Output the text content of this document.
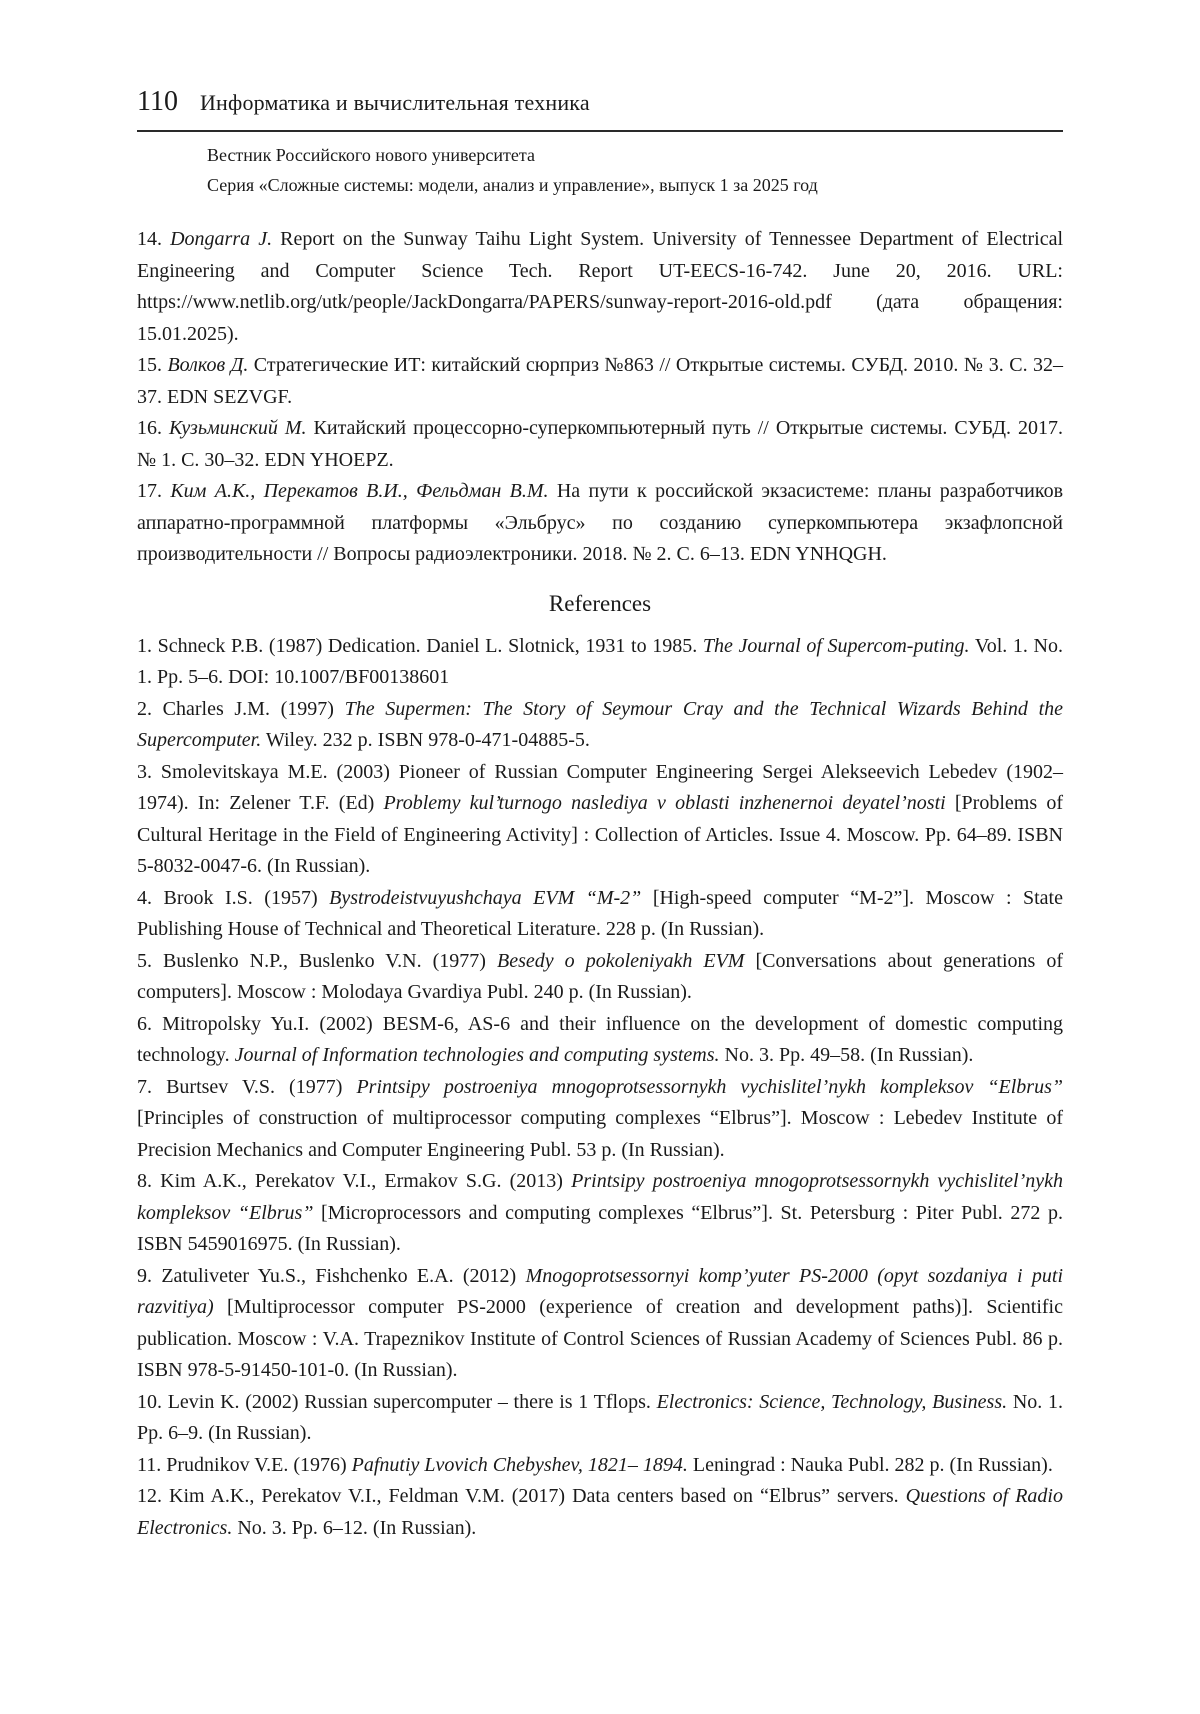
110 Информатика и вычислительная техника
Вестник Российского нового университета
Серия «Сложные системы: модели, анализ и управление», выпуск 1 за 2025 год

14. Dongarra J. Report on the Sunway Taihu Light System. University of Tennessee Department of Electrical Engineering and Computer Science Tech. Report UT-EECS-16-742. June 20, 2016. URL: https://www.netlib.org/utk/people/JackDongarra/PAPERS/sunway-report-2016-old.pdf (дата обращения: 15.01.2025).

15. Волков Д. Стратегические ИТ: китайский сюрприз №863 // Открытые системы. СУБД. 2010. № 3. С. 32–37. EDN SEZVGF.

16. Кузьминский М. Китайский процессорно-суперкомпьютерный путь // Открытые системы. СУБД. 2017. № 1. С. 30–32. EDN YHOEPZ.

17. Ким А.К., Перекатов В.И., Фельдман В.М. На пути к российской экзасистеме: планы разработчиков аппаратно-программной платформы «Эльбрус» по созданию суперкомпьютера экзафлопсной производительности // Вопросы радиоэлектроники. 2018. № 2. С. 6–13. EDN YNHQGH.

References

1. Schneck P.B. (1987) Dedication. Daniel L. Slotnick, 1931 to 1985. The Journal of Supercom-puting. Vol. 1. No. 1. Pp. 5–6. DOI: 10.1007/BF00138601

2. Charles J.M. (1997) The Supermen: The Story of Seymour Cray and the Technical Wizards Behind the Supercomputer. Wiley. 232 p. ISBN 978-0-471-04885-5.

3. Smolevitskaya M.E. (2003) Pioneer of Russian Computer Engineering Sergei Alekseevich Lebedev (1902–1974). In: Zelener T.F. (Ed) Problemy kul’turnogo naslediya v oblasti inzhenernoi deyatel’nosti [Problems of Cultural Heritage in the Field of Engineering Activity] : Collection of Articles. Issue 4. Moscow. Pp. 64–89. ISBN 5-8032-0047-6. (In Russian).

4. Brook I.S. (1957) Bystrodeistvuyushchaya EVM “M-2” [High-speed computer “M-2”]. Moscow : State Publishing House of Technical and Theoretical Literature. 228 p. (In Russian).

5. Buslenko N.P., Buslenko V.N. (1977) Besedy o pokoleniyakh EVM [Conversations about generations of computers]. Moscow : Molodaya Gvardiya Publ. 240 p. (In Russian).

6. Mitropolsky Yu.I. (2002) BESM-6, AS-6 and their influence on the development of domestic computing technology. Journal of Information technologies and computing systems. No. 3. Pp. 49–58. (In Russian).

7. Burtsev V.S. (1977) Printsipy postroeniya mnogoprotsessornykh vychislitel’nykh kompleksov “Elbrus” [Principles of construction of multiprocessor computing complexes “Elbrus”]. Moscow : Lebedev Institute of Precision Mechanics and Computer Engineering Publ. 53 p. (In Russian).

8. Kim A.K., Perekatov V.I., Ermakov S.G. (2013) Printsipy postroeniya mnogoprotsessornykh vychislitel’nykh kompleksov “Elbrus” [Microprocessors and computing complexes “Elbrus”]. St. Petersburg : Piter Publ. 272 p. ISBN 5459016975. (In Russian).

9. Zatuliveter Yu.S., Fishchenko E.A. (2012) Mnogoprotsessornyi komp’yuter PS-2000 (opyt sozdaniya i puti razvitiya) [Multiprocessor computer PS-2000 (experience of creation and development paths)]. Scientific publication. Moscow : V.A. Trapeznikov Institute of Control Sciences of Russian Academy of Sciences Publ. 86 p. ISBN 978-5-91450-101-0. (In Russian).

10. Levin K. (2002) Russian supercomputer – there is 1 Tflops. Electronics: Science, Technology, Business. No. 1. Pp. 6–9. (In Russian).

11. Prudnikov V.E. (1976) Pafnutiy Lvovich Chebyshev, 1821– 1894. Leningrad : Nauka Publ. 282 p. (In Russian).

12. Kim A.K., Perekatov V.I., Feldman V.M. (2017) Data centers based on “Elbrus” servers. Questions of Radio Electronics. No. 3. Pp. 6–12. (In Russian).
